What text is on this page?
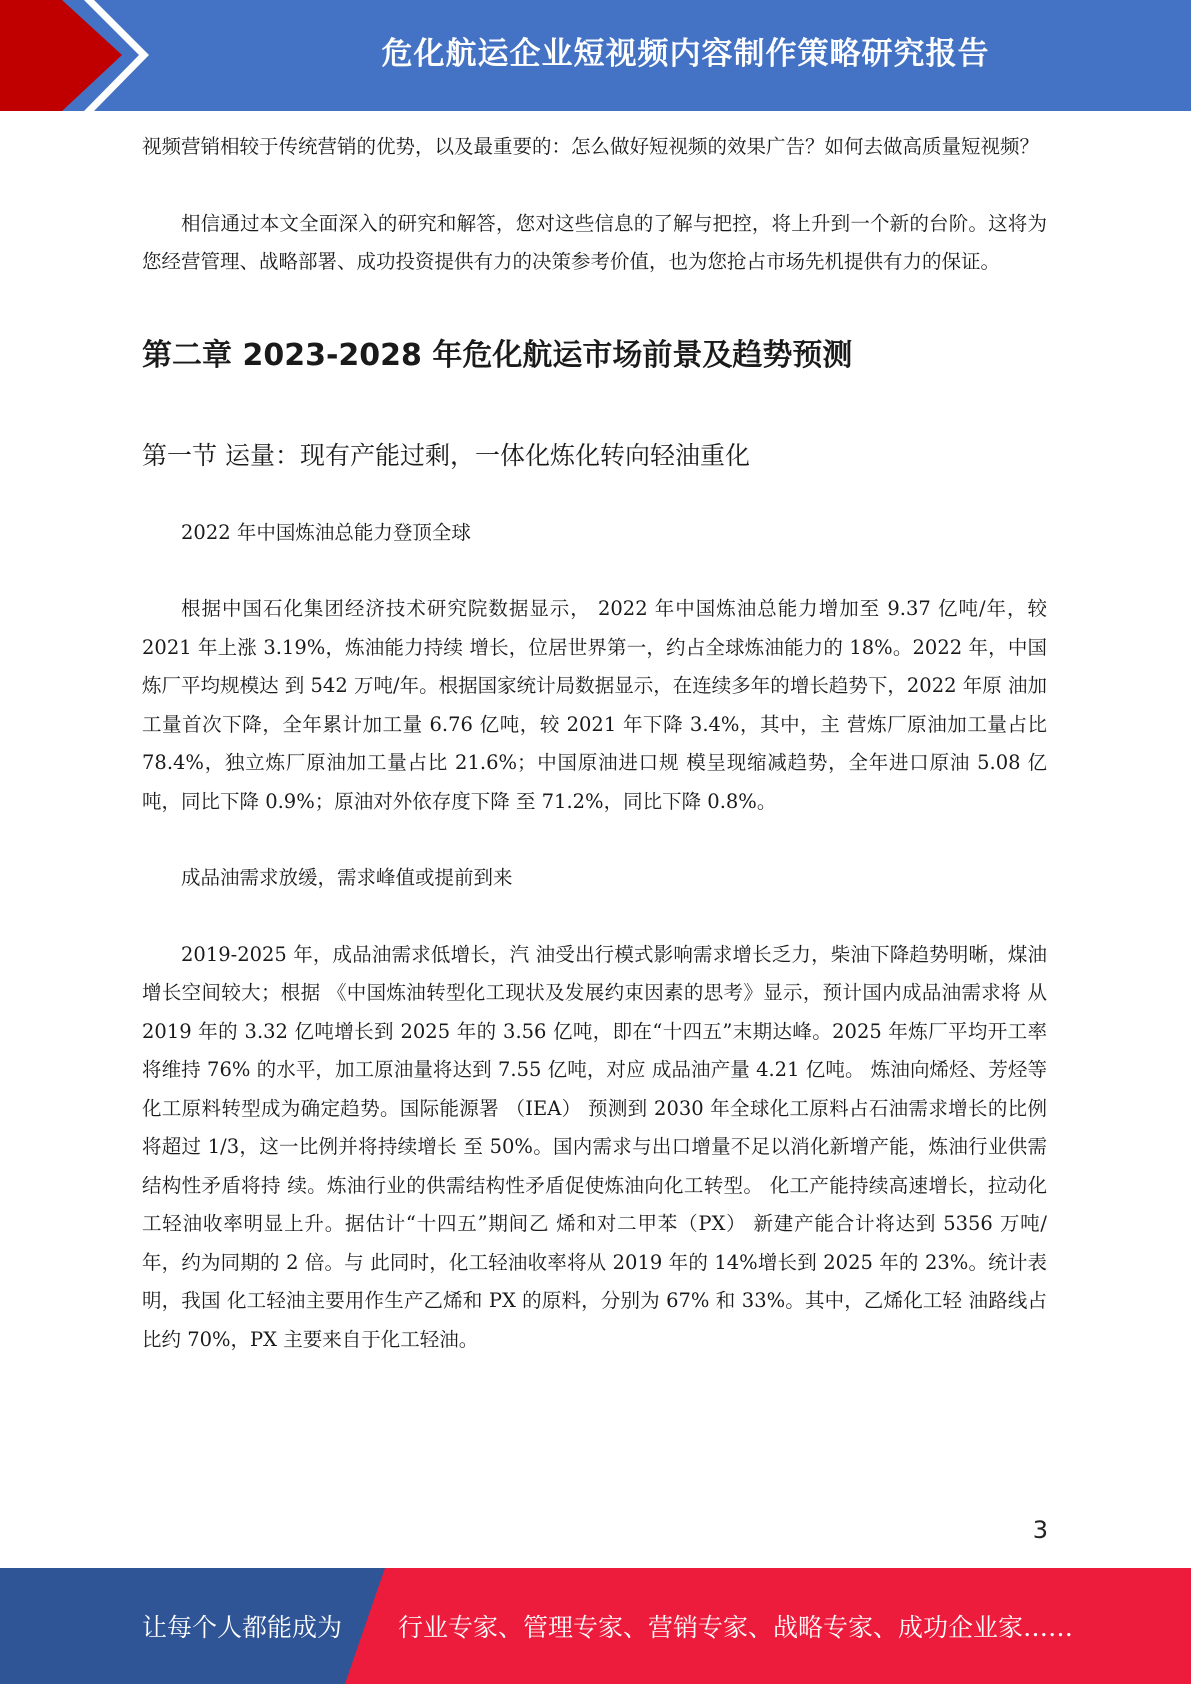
危化航运企业短视频内容制作策略研究报告

视频营销相较于传统营销的优势，以及最重要的：怎么做好短视频的效果广告？如何去做高质量短视频？

相信通过本文全面深入的研究和解答，您对这些信息的了解与把控，将上升到一个新的台阶。这将为您经营管理、战略部署、成功投资提供有力的决策参考价值，也为您抢占市场先机提供有力的保证。

第二章 2023-2028 年危化航运市场前景及趋势预测
第一节 运量：现有产能过剩，一体化炼化转向轻油重化

2022 年中国炼油总能力登顶全球

根据中国石化集团经济技术研究院数据显示， 2022 年中国炼油总能力增加至 9.37 亿吨/年，较 2021 年上涨 3.19%，炼油能力持续 增长，位居世界第一，约占全球炼油能力的 18%。2022 年，中国炼厂平均规模达 到 542 万吨/年。根据国家统计局数据显示，在连续多年的增长趋势下，2022 年原 油加工量首次下降，全年累计加工量 6.76 亿吨，较 2021 年下降 3.4%，其中，主 营炼厂原油加工量占比 78.4%，独立炼厂原油加工量占比 21.6%；中国原油进口规 模呈现缩减趋势，全年进口原油 5.08 亿吨，同比下降 0.9%；原油对外依存度下降 至 71.2%，同比下降 0.8%。

成品油需求放缓，需求峰值或提前到来

2019-2025 年，成品油需求低增长，汽 油受出行模式影响需求增长乏力，柴油下降趋势明晰，煤油增长空间较大；根据 《中国炼油转型化工现状及发展约束因素的思考》显示，预计国内成品油需求将 从 2019 年的 3.32 亿吨增长到 2025 年的 3.56 亿吨，即在“十四五”末期达峰。2025 年炼厂平均开工率将维持 76% 的水平，加工原油量将达到 7.55 亿吨，对应 成品油产量 4.21 亿吨。 炼油向烯烃、芳烃等化工原料转型成为确定趋势。国际能源署 （IEA） 预测到 2030 年全球化工原料占石油需求增长的比例将超过 1/3，这一比例并将持续增长 至 50%。国内需求与出口增量不足以消化新增产能，炼油行业供需结构性矛盾将持 续。炼油行业的供需结构性矛盾促使炼油向化工转型。 化工产能持续高速增长，拉动化工轻油收率明显上升。据估计“十四五”期间乙 烯和对二甲苯（PX） 新建产能合计将达到 5356 万吨/年，约为同期的 2 倍。与 此同时，化工轻油收率将从 2019 年的 14%增长到 2025 年的 23%。统计表明，我国 化工轻油主要用作生产乙烯和 PX 的原料，分别为 67% 和 33%。其中，乙烯化工轻 油路线占比约 70%，PX 主要来自于化工轻油。

3
让每个人都能成为 行业专家、管理专家、营销专家、战略专家、成功企业家……
